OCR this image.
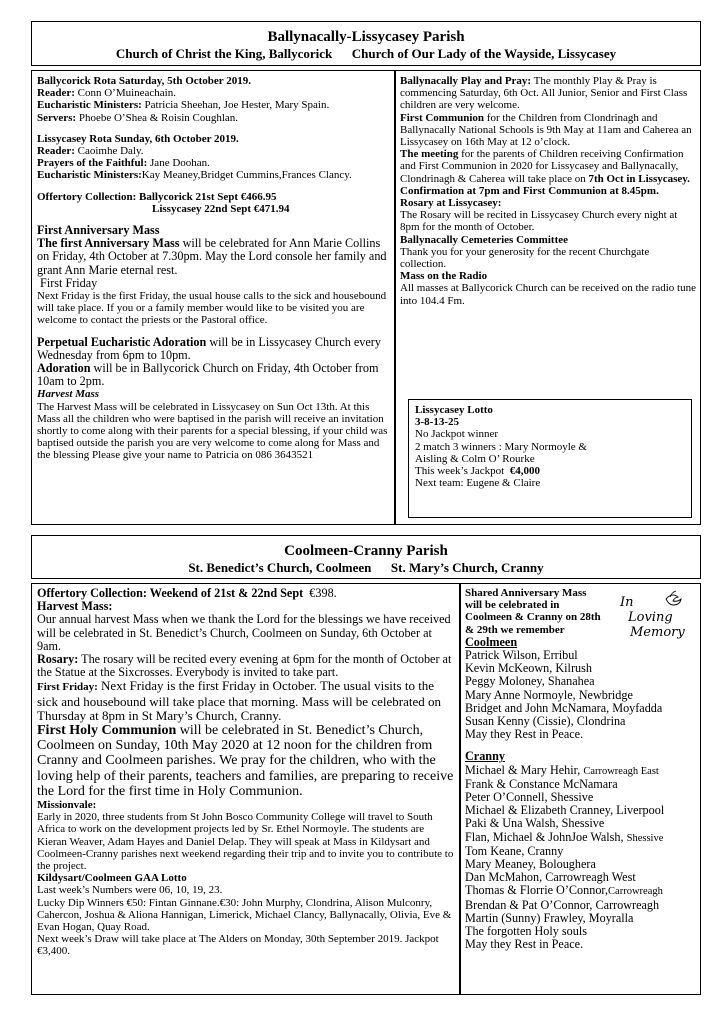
Ballynacally-Lissycasey Parish
Church of Christ the King, Ballycorick      Church of Our Lady of the Wayside, Lissycasey

Ballycorick Rota Saturday, 5th October 2019.

Reader: Conn O’Muineachain.

Eucharistic Ministers: Patricia Sheehan, Joe Hester, Mary Spain.

Servers: Phoebe O’Shea & Roisin Coughlan.

Lissycasey Rota Sunday, 6th October 2019.

Reader: Caoimhe Daly.

Prayers of the Faithful: Jane Doohan.

Eucharistic Ministers:Kay Meaney,Bridget Cummins,Frances Clancy.

Offertory Collection: Ballycorick 21st Sept €466.95

Lissycasey 22nd Sept €471.94

First Anniversary Mass

The first Anniversary Mass will be celebrated for Ann Marie Collins on Friday, 4th October at 7.30pm. May the Lord console her family and grant Ann Marie eternal rest.

First Friday

Next Friday is the first Friday, the usual house calls to the sick and housebound will take place. If you or a family member would like to be visited you are welcome to contact the priests or the Pastoral office.

Perpetual Eucharistic Adoration will be in Lissycasey Church every Wednesday from 6pm to 10pm.

Adoration will be in Ballycorick Church on Friday, 4th October from 10am to 2pm.

Harvest Mass

The Harvest Mass will be celebrated in Lissycasey on Sun Oct 13th. At this Mass all the children who were baptised in the parish will receive an invitation shortly to come along with their parents for a special blessing, if your child was baptised outside the parish you are very welcome to come along for Mass and the blessing Please give your name to Patricia on 086 3643521

Ballynacally Play and Pray: The monthly Play & Pray is commencing Saturday, 6th Oct. All Junior, Senior and First Class children are very welcome.

First Communion for the Children from Clondrinagh and Ballynacally National Schools is 9th May at 11am and Caherea an Lissycasey on 16th May at 12 o’clock.

The meeting for the parents of Children receiving Confirmation and First Communion in 2020 for Lissycasey and Ballynacally, Clondrinagh & Caherea will take place on 7th Oct in Lissycasey.

Confirmation at 7pm and First Communion at 8.45pm.

Rosary at Lissycasey:

The Rosary will be recited in Lissycasey Church every night at 8pm for the month of October.

Ballynacally Cemeteries Committee

Thank you for your generosity for the recent Churchgate collection.

Mass on the Radio

All masses at Ballycorick Church can be received on the radio tune into 104.4 Fm.

Lissycasey Lotto

3-8-13-25

No Jackpot winner

2 match 3 winners : Mary Normoyle &

Aisling & Colm O’ Rourke

This week’s Jackpot  €4,000

Next team: Eugene & Claire

Coolmeen-Cranny Parish
St. Benedict’s Church, Coolmeen      St. Mary’s Church, Cranny

Offertory Collection: Weekend of 21st & 22nd Sept  €398.

Harvest Mass:

Our annual harvest Mass when we thank the Lord for the blessings we have received will be celebrated in St. Benedict’s Church, Coolmeen on Sunday, 6th October at 9am.

Rosary: The rosary will be recited every evening at 6pm for the month of October at the Statue at the Sixcrosses. Everybody is invited to take part.

First Friday: Next Friday is the first Friday in October. The usual visits to the sick and housebound will take place that morning. Mass will be celebrated on Thursday at 8pm in St Mary’s Church, Cranny.

First Holy Communion will be celebrated in St. Benedict’s Church, Coolmeen on Sunday, 10th May 2020 at 12 noon for the children from Cranny and Coolmeen parishes. We pray for the children, who with the loving help of their parents, teachers and families, are preparing to receive the Lord for the first time in Holy Communion.

Missionvale:

Early in 2020, three students from St John Bosco Community College will travel to South Africa to work on the development projects led by Sr. Ethel Normoyle. The students are Kieran Weaver, Adam Hayes and Daniel Delap. They will speak at Mass in Kildysart and Coolmeen-Cranny parishes next weekend regarding their trip and to invite you to contribute to the project.

Kildysart/Coolmeen GAA Lotto

Last week’s Numbers were 06, 10, 19, 23.

Lucky Dip Winners €50: Fintan Ginnane.€30: John Murphy, Clondrina, Alison Mulconry, Cahercon, Joshua & Aliona Hannigan, Limerick, Michael Clancy, Ballynacally, Olivia, Eve & Evan Hogan, Quay Road.

Next week’s Draw will take place at The Alders on Monday, 30th September 2019. Jackpot €3,400.

Shared Anniversary Mass will be celebrated in Coolmeen & Cranny on 28th & 29th we remember

In
Loving
Memory

Coolmeen

Patrick Wilson, Erribul

Kevin McKeown, Kilrush

Peggy Moloney, Shanahea

Mary Anne Normoyle, Newbridge

Bridget and John McNamara, Moyfadda

Susan Kenny (Cissie), Clondrina

May they Rest in Peace.

Cranny

Michael & Mary Hehir, Carrowreagh East

Frank & Constance McNamara

Peter O’Connell, Shessive

Michael & Elizabeth Cranney, Liverpool

Paki & Una Walsh, Shessive

Flan, Michael & JohnJoe Walsh, Shessive

Tom Keane, Cranny

Mary Meaney, Boloughera

Dan McMahon, Carrowreagh West

Thomas & Florrie O’Connor,Carrowreagh

Brendan & Pat O’Connor, Carrowreagh

Martin (Sunny) Frawley, Moyralla

The forgotten Holy souls

May they Rest in Peace.
